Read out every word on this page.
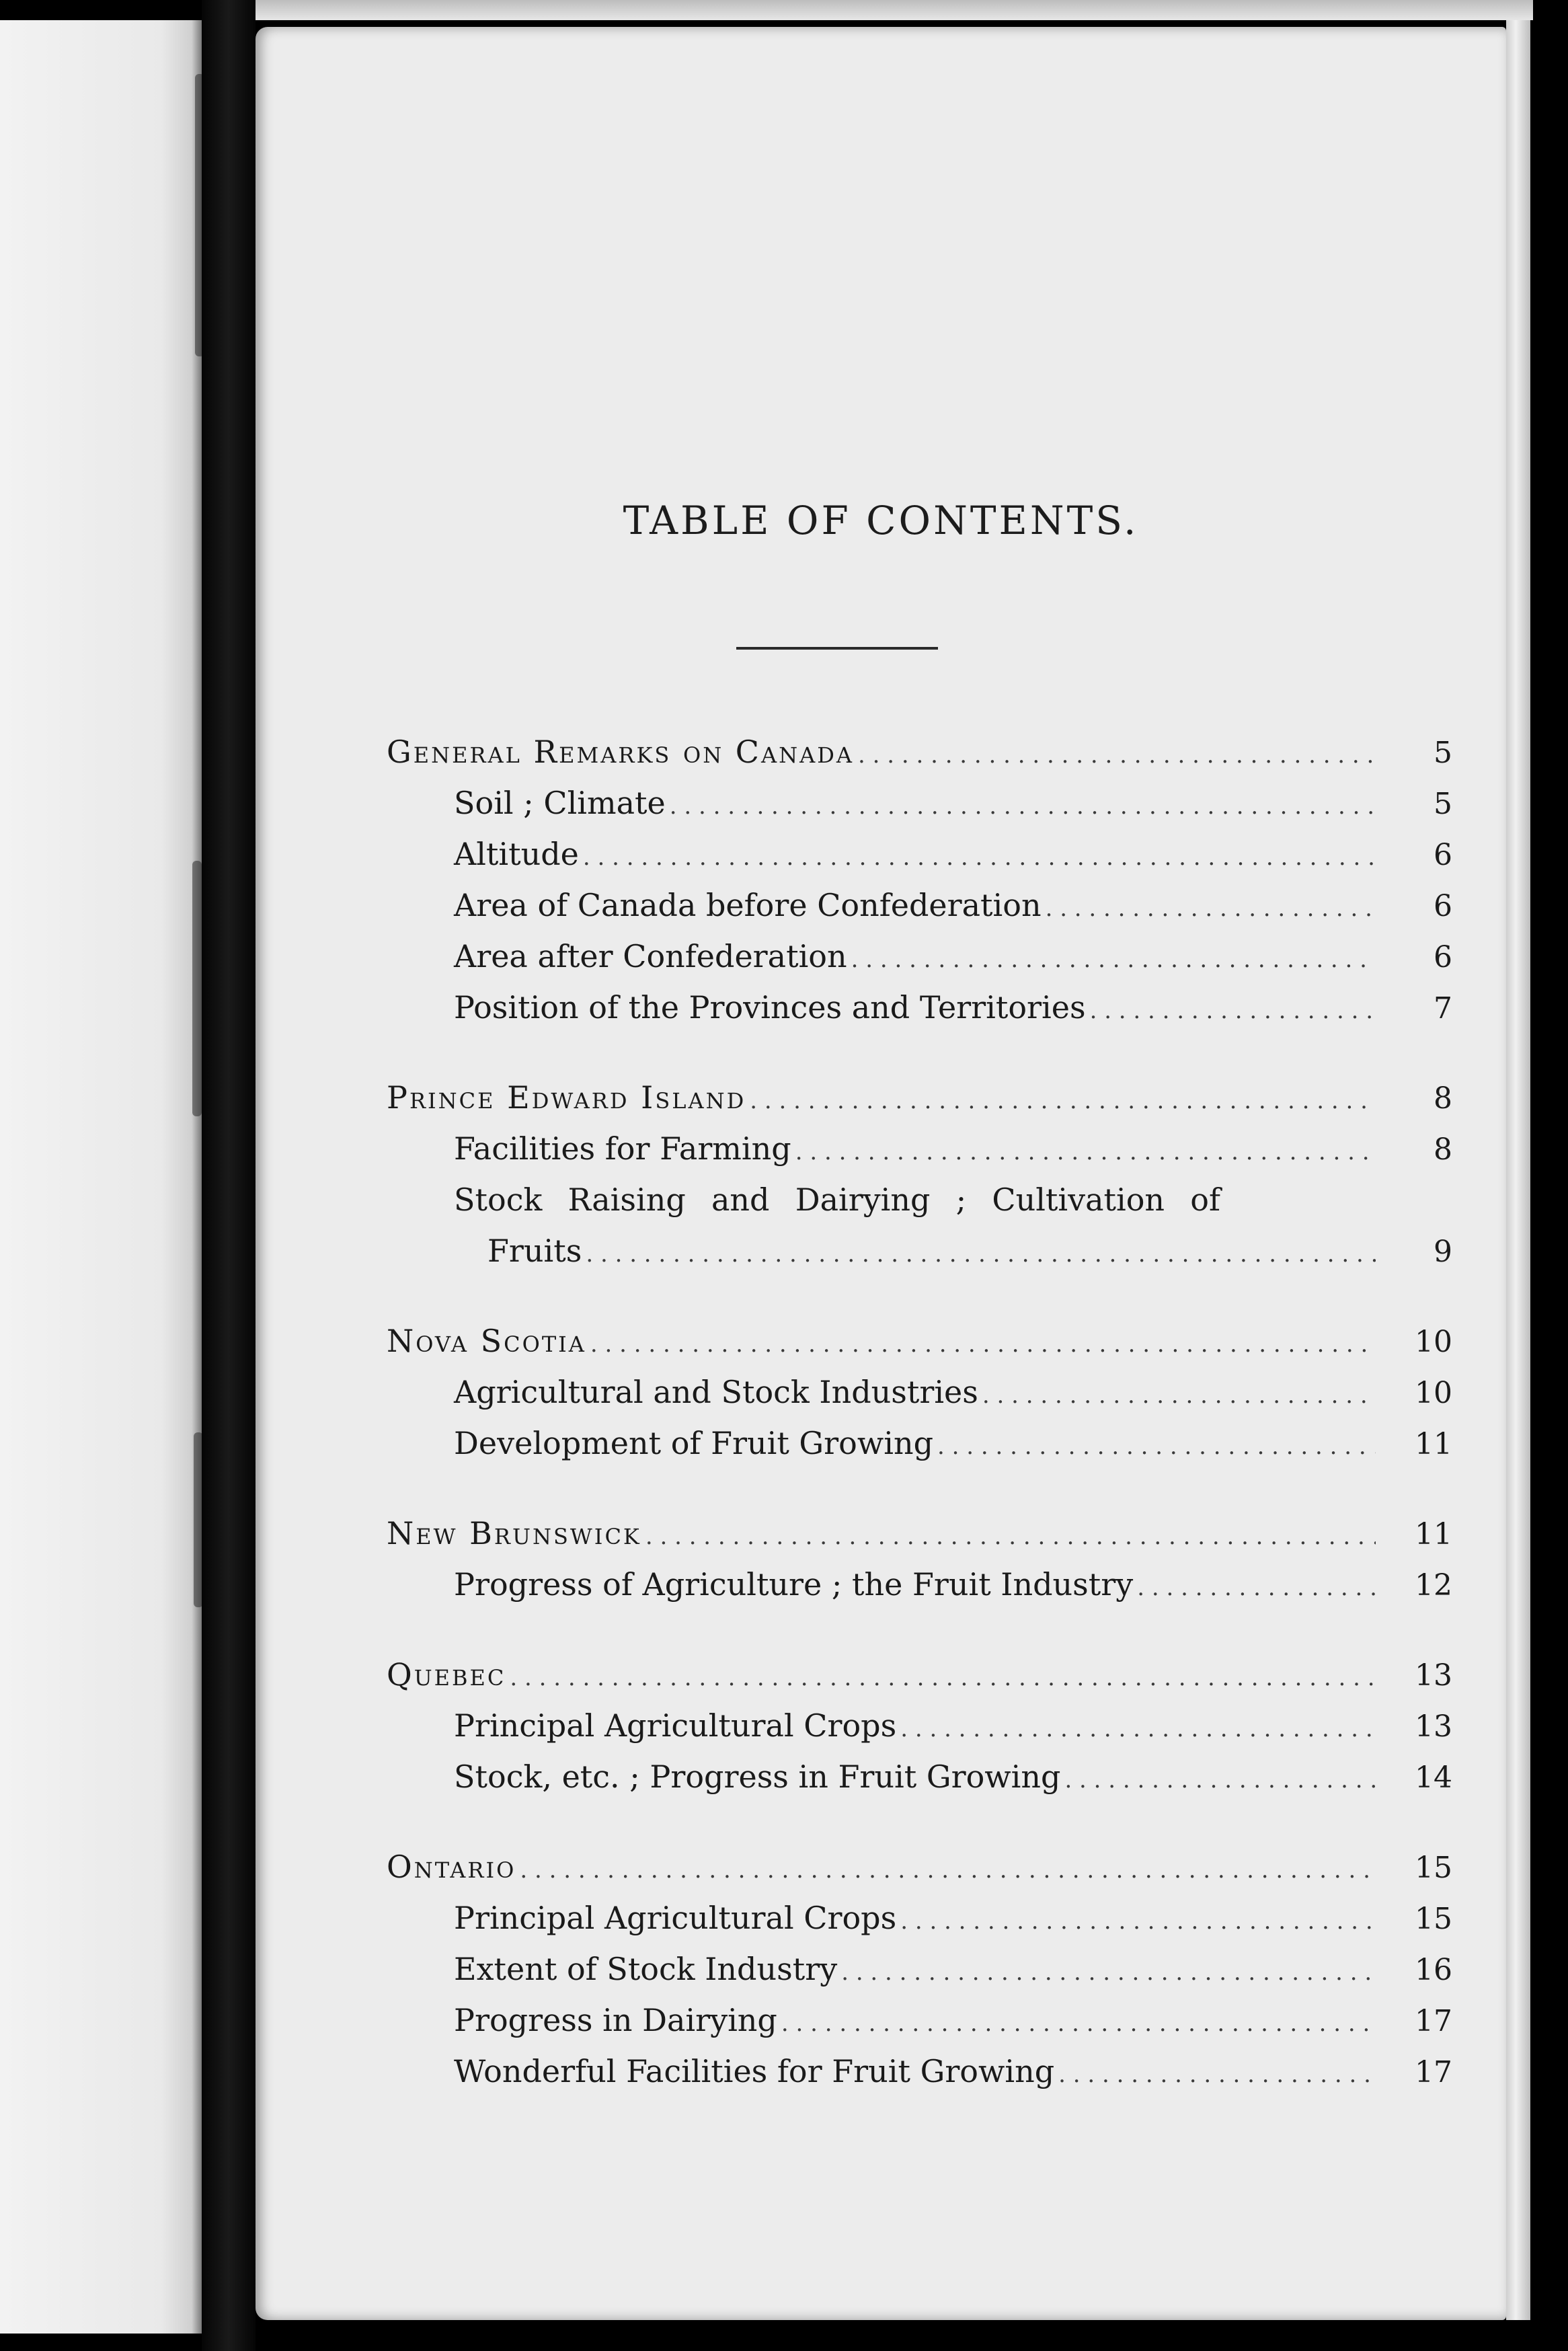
TABLE OF CONTENTS.
General Remarks on Canada . . .	5
Soil ; Climate . . .	5
Altitude . . .	6
Area of Canada before Confederation . . .	6
Area after Confederation . . .	6
Position of the Provinces and Territories . . .	7
Prince Edward Island . . .	8
Facilities for Farming . . .	8
Stock Raising and Dairying ; Cultivation of
Fruits . . .	9
Nova Scotia . . .	10
Agricultural and Stock Industries . . .	10
Development of Fruit Growing . . .	11
New Brunswick . . .	11
Progress of Agriculture ; the Fruit Industry . . .	12
Quebec . . .	13
Principal Agricultural Crops . . .	13
Stock, etc. ; Progress in Fruit Growing . . .	14
Ontario . . .	15
Principal Agricultural Crops . . .	15
Extent of Stock Industry . . .	16
Progress in Dairying . . .	17
Wonderful Facilities for Fruit Growing . . .	17
